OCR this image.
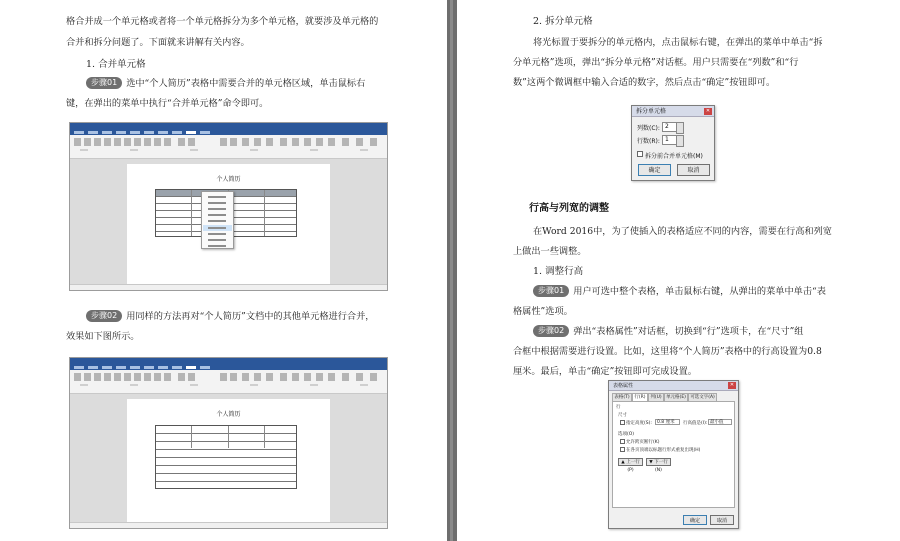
格合并成一个单元格或者将一个单元格拆分为多个单元格，就要涉及单元格的
合并和拆分问题了。下面就来讲解有关内容。
1. 合并单元格
步骤01 选中“个人简历”表格中需要合并的单元格区域，单击鼠标右
键，在弹出的菜单中执行“合并单元格”命令即可。
个人简历
步骤02 用同样的方法再对“个人简历”文档中的其他单元格进行合并，
效果如下图所示。
个人简历
2. 拆分单元格
将光标置于要拆分的单元格内，点击鼠标右键，在弹出的菜单中单击“拆
分单元格”选项，弹出“拆分单元格”对话框。用户只需要在“列数”和“行
数”这两个微调框中输入合适的数字，然后点击“确定”按钮即可。
拆分单元格	✕
列数(C): 2
行数(R): 1
拆分前合并单元格(M)
确定	取消
行高与列宽的调整
在Word 2016中，为了使插入的表格适应不同的内容，需要在行高和列宽
上做出一些调整。
1. 调整行高
步骤01 用户可选中整个表格，单击鼠标右键，从弹出的菜单中单击“表
格属性”选项。
步骤02 弹出“表格属性”对话框，切换到“行”选项卡，在“尺寸”组
合框中根据需要进行设置。比如，这里将“个人简历”表格中的行高设置为0.8
厘米。最后，单击“确定”按钮即可完成设置。
表格属性	✕
表格(T)	行(R)	列(U) 单元格(E) 可选文字(A)
行
尺寸
指定高度(S):	0.8 厘米	行高值是(I): 最小值
选项(O)
允许跨页断行(K)
在各页顶端以标题行形式重复出现(H)
▲ 上一行(P)
▼ 下一行(N)
确定	取消
